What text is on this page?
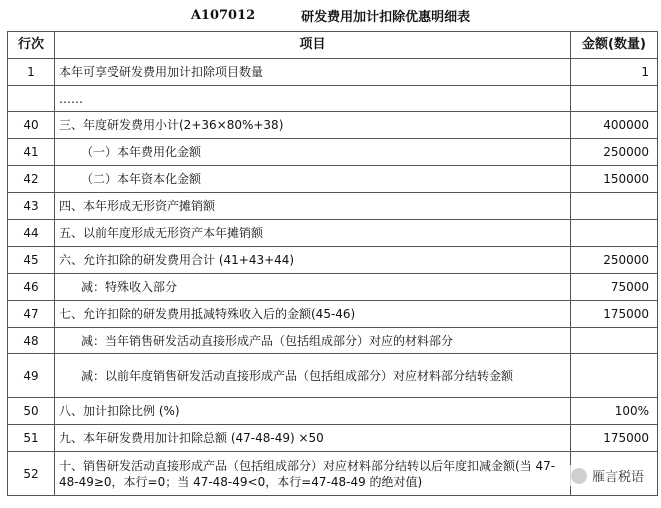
A107012	研发费用加计扣除优惠明细表
行次	项目	金额(数量)
1	本年可享受研发费用加计扣除项目数量	1
	……	
40	三、年度研发费用小计(2+36×80%+38)	400000
41	（一）本年费用化金额	250000
42	（二）本年资本化金额	150000
43	四、本年形成无形资产摊销额	
44	五、以前年度形成无形资产本年摊销额	
45	六、允许扣除的研发费用合计 (41+43+44)	250000
46	减：特殊收入部分	75000
47	七、允许扣除的研发费用抵减特殊收入后的金额(45-46)	175000
48	减：当年销售研发活动直接形成产品（包括组成部分）对应的材料部分	
49	减：以前年度销售研发活动直接形成产品（包括组成部分）对应材料部分结转金额	
50	八、加计扣除比例 (%)	100%
51	九、本年研发费用加计扣除总额 (47-48-49) ×50	175000
52	十、销售研发活动直接形成产品（包括组成部分）对应材料部分结转以后年度扣减金额(当 47-48-49≥0，本行=0；当 47-48-49<0，本行=47-48-49 的绝对值)		雁言税语
